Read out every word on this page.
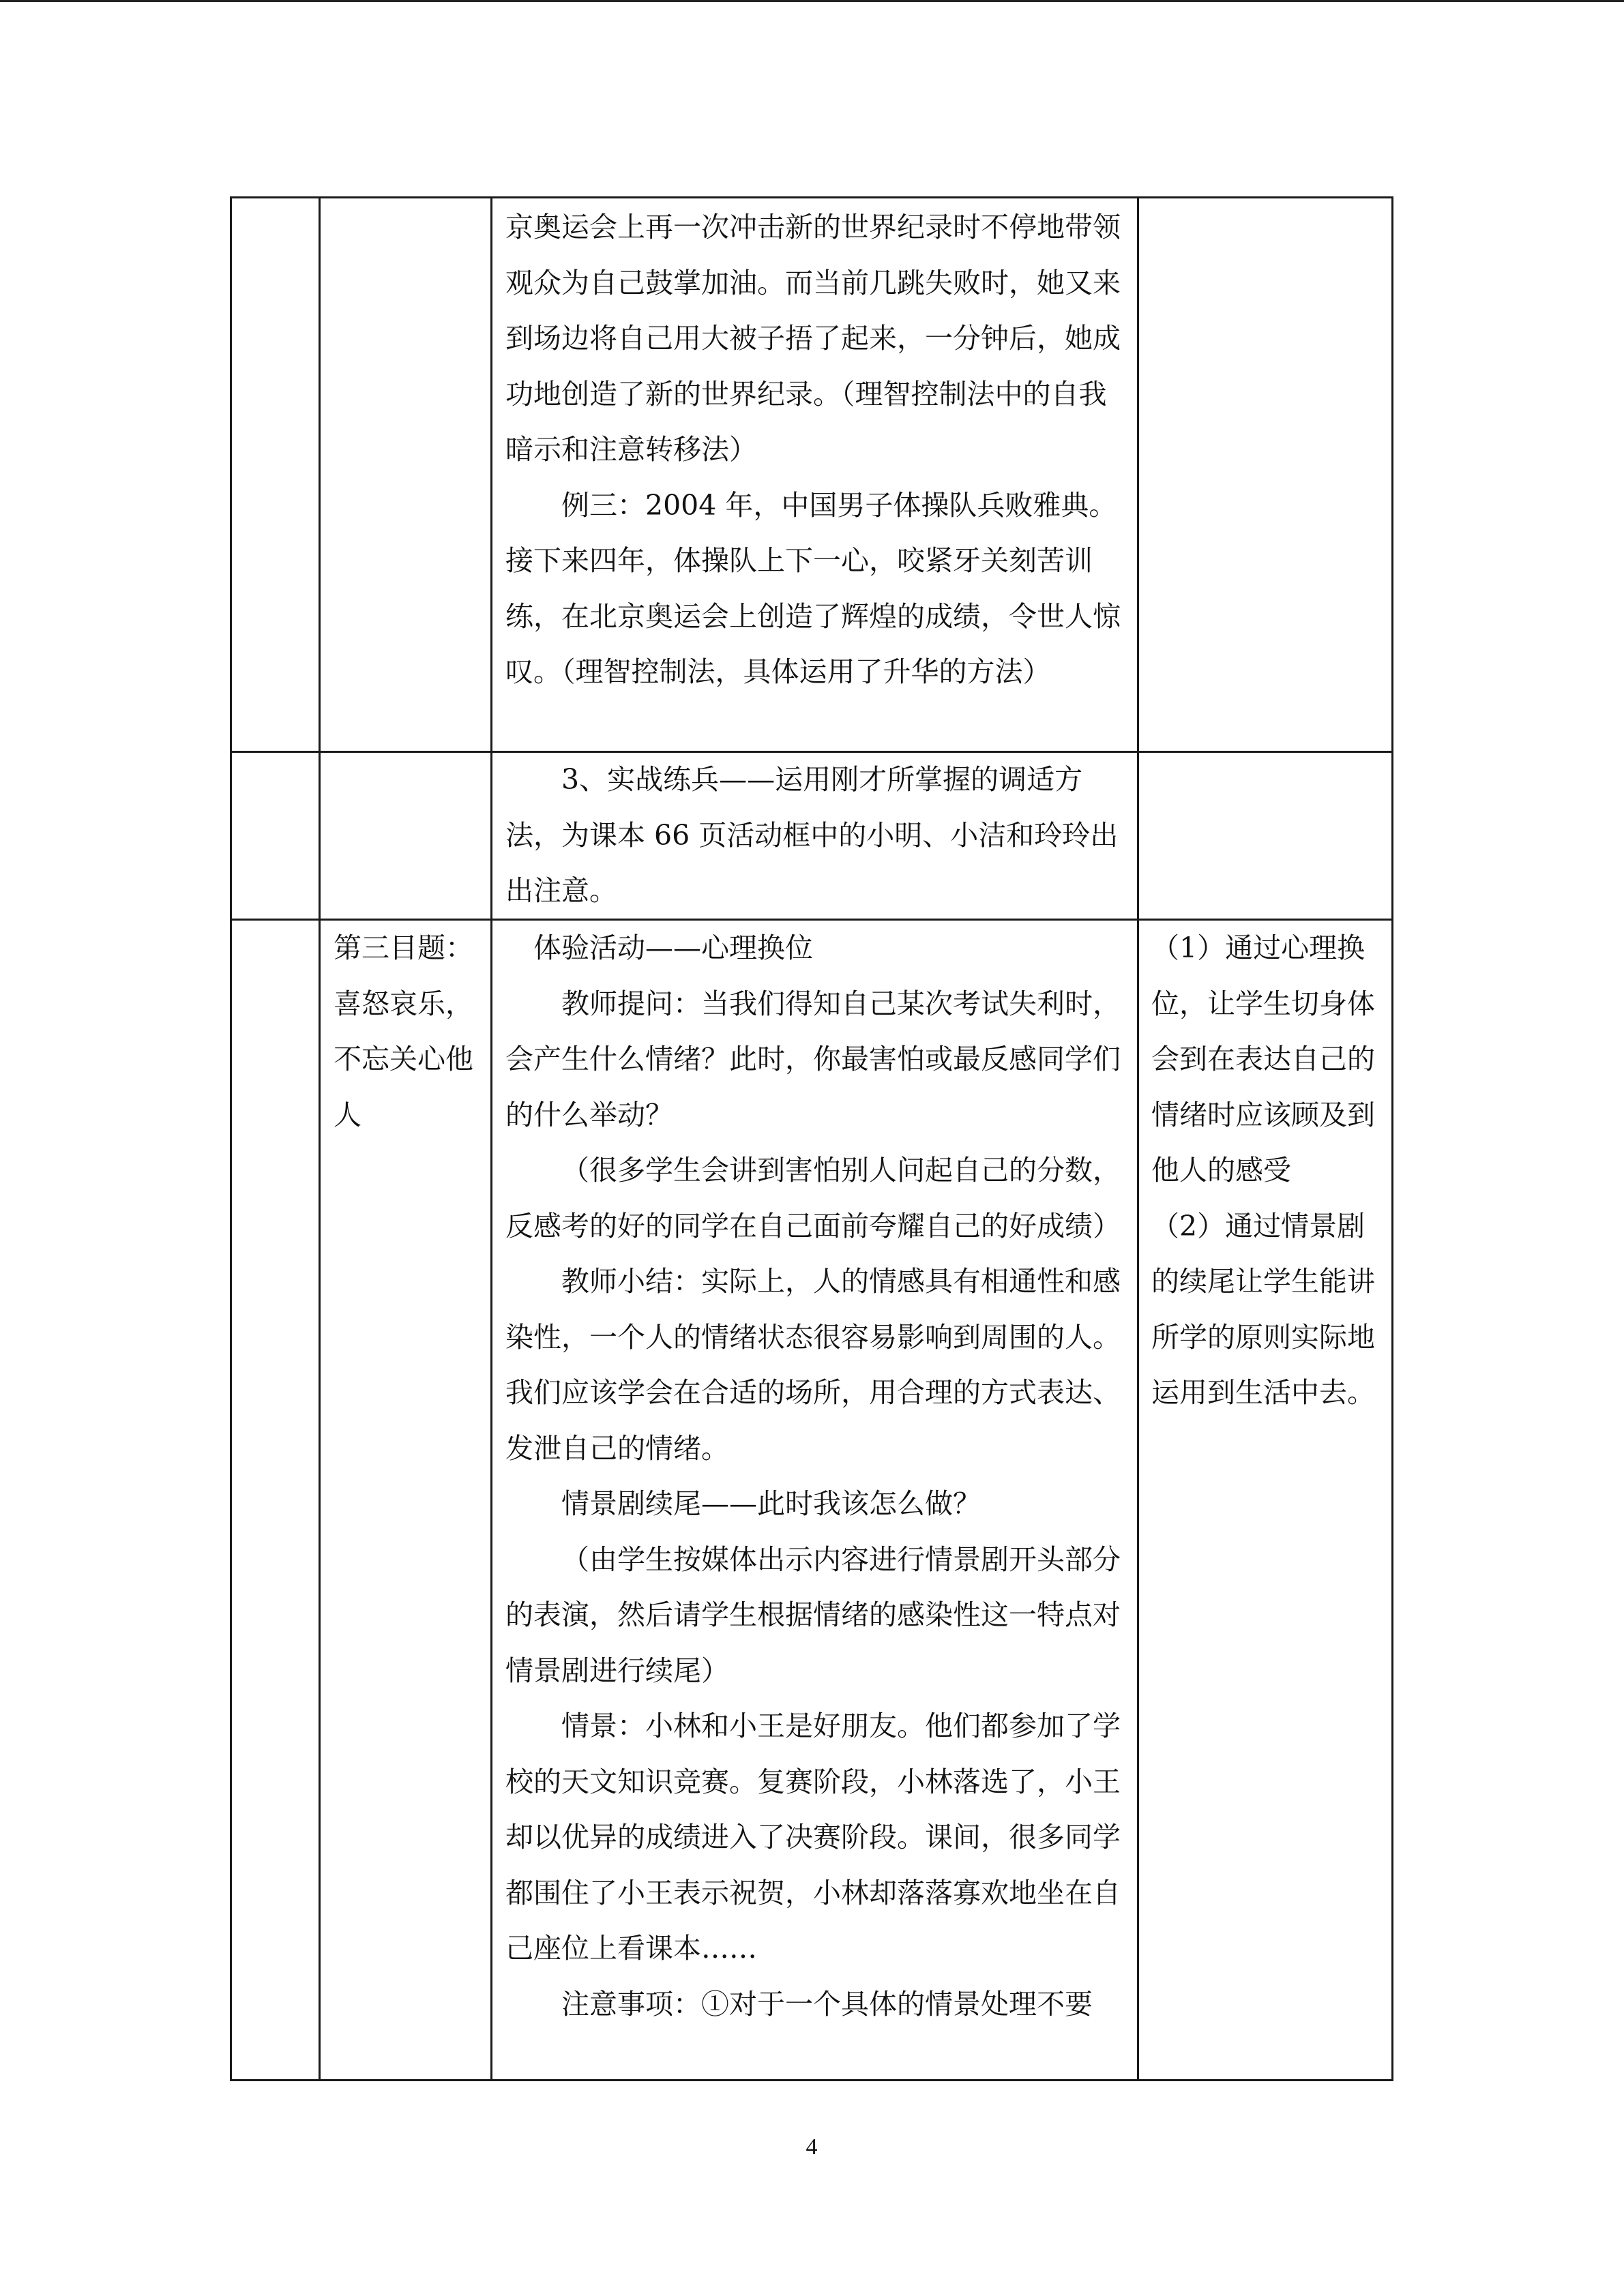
京奥运会上再一次冲击新的世界纪录时不停地带领观众为自己鼓掌加油。而当前几跳失败时，她又来到场边将自己用大被子捂了起来，一分钟后，她成功地创造了新的世界纪录。（理智控制法中的自我暗示和注意转移法）

例三：2004 年，中国男子体操队兵败雅典。接下来四年，体操队上下一心，咬紧牙关刻苦训练，在北京奥运会上创造了辉煌的成绩，令世人惊叹。（理智控制法，具体运用了升华的方法）

3、实战练兵——运用刚才所掌握的调适方法，为课本 66 页活动框中的小明、小洁和玲玲出出注意。

第三目题：喜怒哀乐，不忘关心他人

体验活动——心理换位

教师提问：当我们得知自己某次考试失利时，会产生什么情绪？此时，你最害怕或最反感同学们的什么举动？

（很多学生会讲到害怕别人问起自己的分数，反感考的好的同学在自己面前夸耀自己的好成绩）

教师小结：实际上，人的情感具有相通性和感染性，一个人的情绪状态很容易影响到周围的人。我们应该学会在合适的场所，用合理的方式表达、发泄自己的情绪。

情景剧续尾——此时我该怎么做？

（由学生按媒体出示内容进行情景剧开头部分的表演，然后请学生根据情绪的感染性这一特点对情景剧进行续尾）

情景：小林和小王是好朋友。他们都参加了学校的天文知识竞赛。复赛阶段，小林落选了，小王却以优异的成绩进入了决赛阶段。课间，很多同学都围住了小王表示祝贺，小林却落落寡欢地坐在自己座位上看课本……

注意事项：①对于一个具体的情景处理不要

（1）通过心理换位，让学生切身体会到在表达自己的情绪时应该顾及到他人的感受

（2）通过情景剧的续尾让学生能讲所学的原则实际地运用到生活中去。

4
